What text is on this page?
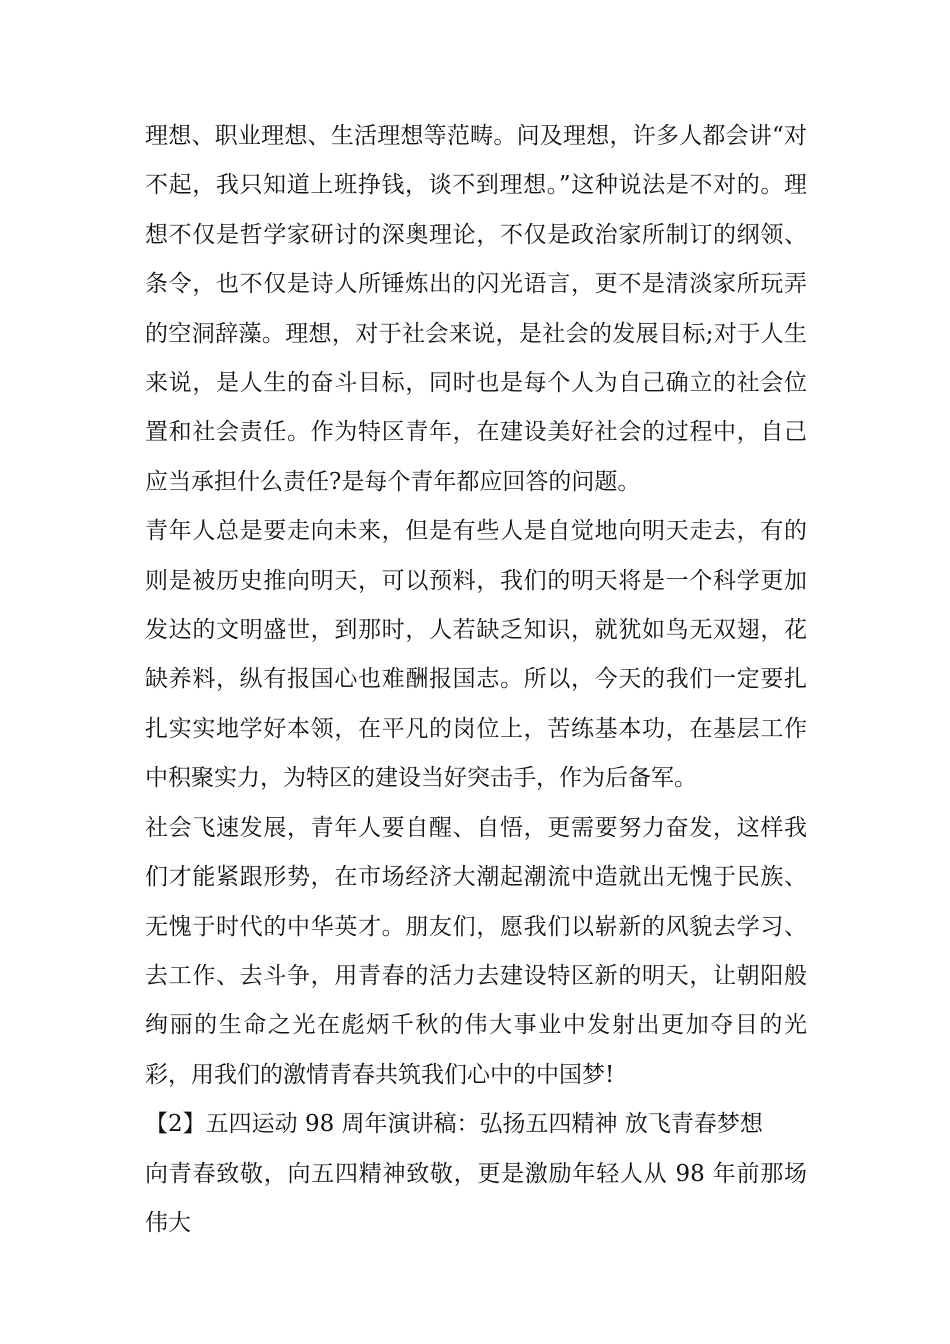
理想、职业理想、生活理想等范畴。问及理想，许多人都会讲“对不起，我只知道上班挣钱，谈不到理想。”这种说法是不对的。理想不仅是哲学家研讨的深奥理论，不仅是政治家所制订的纲领、条令，也不仅是诗人所锤炼出的闪光语言，更不是清淡家所玩弄的空洞辞藻。理想，对于社会来说，是社会的发展目标;对于人生来说，是人生的奋斗目标，同时也是每个人为自己确立的社会位置和社会责任。作为特区青年，在建设美好社会的过程中，自己应当承担什么责任?是每个青年都应回答的问题。

青年人总是要走向未来，但是有些人是自觉地向明天走去，有的则是被历史推向明天，可以预料，我们的明天将是一个科学更加发达的文明盛世，到那时，人若缺乏知识，就犹如鸟无双翅，花缺养料，纵有报国心也难酬报国志。所以，今天的我们一定要扎扎实实地学好本领，在平凡的岗位上，苦练基本功，在基层工作中积聚实力，为特区的建设当好突击手，作为后备军。

社会飞速发展，青年人要自醒、自悟，更需要努力奋发，这样我们才能紧跟形势，在市场经济大潮起潮流中造就出无愧于民族、无愧于时代的中华英才。朋友们，愿我们以崭新的风貌去学习、去工作、去斗争，用青春的活力去建设特区新的明天，让朝阳般绚丽的生命之光在彪炳千秋的伟大事业中发射出更加夺目的光彩，用我们的激情青春共筑我们心中的中国梦!

【2】五四运动 98 周年演讲稿：弘扬五四精神 放飞青春梦想

向青春致敬，向五四精神致敬，更是激励年轻人从 98 年前那场伟大
